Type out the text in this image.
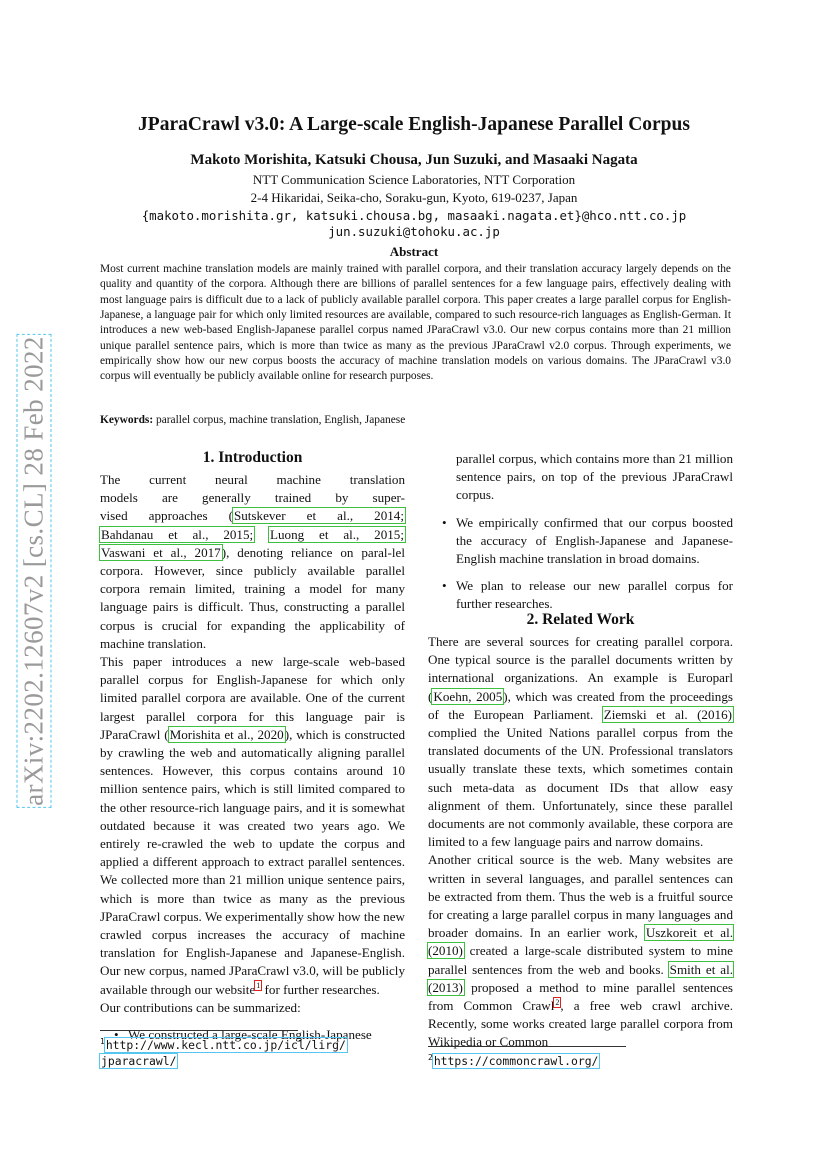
arXiv:2202.12607v2 [cs.CL] 28 Feb 2022
JParaCrawl v3.0: A Large-scale English-Japanese Parallel Corpus
Makoto Morishita, Katsuki Chousa, Jun Suzuki, and Masaaki Nagata
NTT Communication Science Laboratories, NTT Corporation
2-4 Hikaridai, Seika-cho, Soraku-gun, Kyoto, 619-0237, Japan
{makoto.morishita.gr, katsuki.chousa.bg, masaaki.nagata.et}@hco.ntt.co.jp
jun.suzuki@tohoku.ac.jp
Abstract
Most current machine translation models are mainly trained with parallel corpora, and their translation accuracy largely depends on the quality and quantity of the corpora. Although there are billions of parallel sentences for a few language pairs, effectively dealing with most language pairs is difficult due to a lack of publicly available parallel corpora. This paper creates a large parallel corpus for English-Japanese, a language pair for which only limited resources are available, compared to such resource-rich languages as English-German. It introduces a new web-based English-Japanese parallel corpus named JParaCrawl v3.0. Our new corpus contains more than 21 million unique parallel sentence pairs, which is more than twice as many as the previous JParaCrawl v2.0 corpus. Through experiments, we empirically show how our new corpus boosts the accuracy of machine translation models on various domains. The JParaCrawl v3.0 corpus will eventually be publicly available online for research purposes.
Keywords: parallel corpus, machine translation, English, Japanese
1. Introduction

The current neural machine translation

models are generally trained by super-

vised approaches (Sutskever et al., 2014;

Bahdanau et al., 2015; Luong et al., 2015;

Vaswani et al., 2017), denoting reliance on paral-lel corpora. However, since publicly available parallel corpora remain limited, training a model for many language pairs is difficult. Thus, constructing a parallel corpus is crucial for expanding the applicability of machine translation.

This paper introduces a new large-scale web-based parallel corpus for English-Japanese for which only limited parallel corpora are available. One of the current largest parallel corpora for this language pair is JParaCrawl (Morishita et al., 2020), which is constructed by crawling the web and automatically aligning parallel sentences. However, this corpus contains around 10 million sentence pairs, which is still limited compared to the other resource-rich language pairs, and it is somewhat outdated because it was created two years ago. We entirely re-crawled the web to update the corpus and applied a different approach to extract parallel sentences. We collected more than 21 million unique sentence pairs, which is more than twice as many as the previous JParaCrawl corpus. We experimentally show how the new crawled corpus increases the accuracy of machine translation for English-Japanese and Japanese-English. Our new corpus, named JParaCrawl v3.0, will be publicly available through our website$^1$ for further researches.

Our contributions can be summarized:

• We constructed a large-scale English-Japanese

$^1$http://www.kecl.ntt.co.jp/icl/lirg/
jparacrawl/

parallel corpus, which contains more than 21 million sentence pairs, on top of the previous JParaCrawl corpus.

• We empirically confirmed that our corpus boosted the accuracy of English-Japanese and Japanese-English machine translation in broad domains.

• We plan to release our new parallel corpus for further researches.

2. Related Work

There are several sources for creating parallel corpora. One typical source is the parallel documents written by international organizations. An example is Europarl (Koehn, 2005), which was created from the proceedings of the European Parliament. Ziemski et al. (2016) complied the United Nations parallel corpus from the translated documents of the UN. Professional translators usually translate these texts, which sometimes contain such meta-data as document IDs that allow easy alignment of them. Unfortunately, since these parallel documents are not commonly available, these corpora are limited to a few language pairs and narrow domains.

Another critical source is the web. Many websites are written in several languages, and parallel sentences can be extracted from them. Thus the web is a fruitful source for creating a large parallel corpus in many languages and broader domains. In an earlier work, Uszkoreit et al. (2010) created a large-scale distributed system to mine parallel sentences from the web and books. Smith et al. (2013) proposed a method to mine parallel sentences from Common Crawl$^2$, a free web crawl archive. Recently, some works created large parallel corpora from Wikipedia or Common

$^2$https://commoncrawl.org/
